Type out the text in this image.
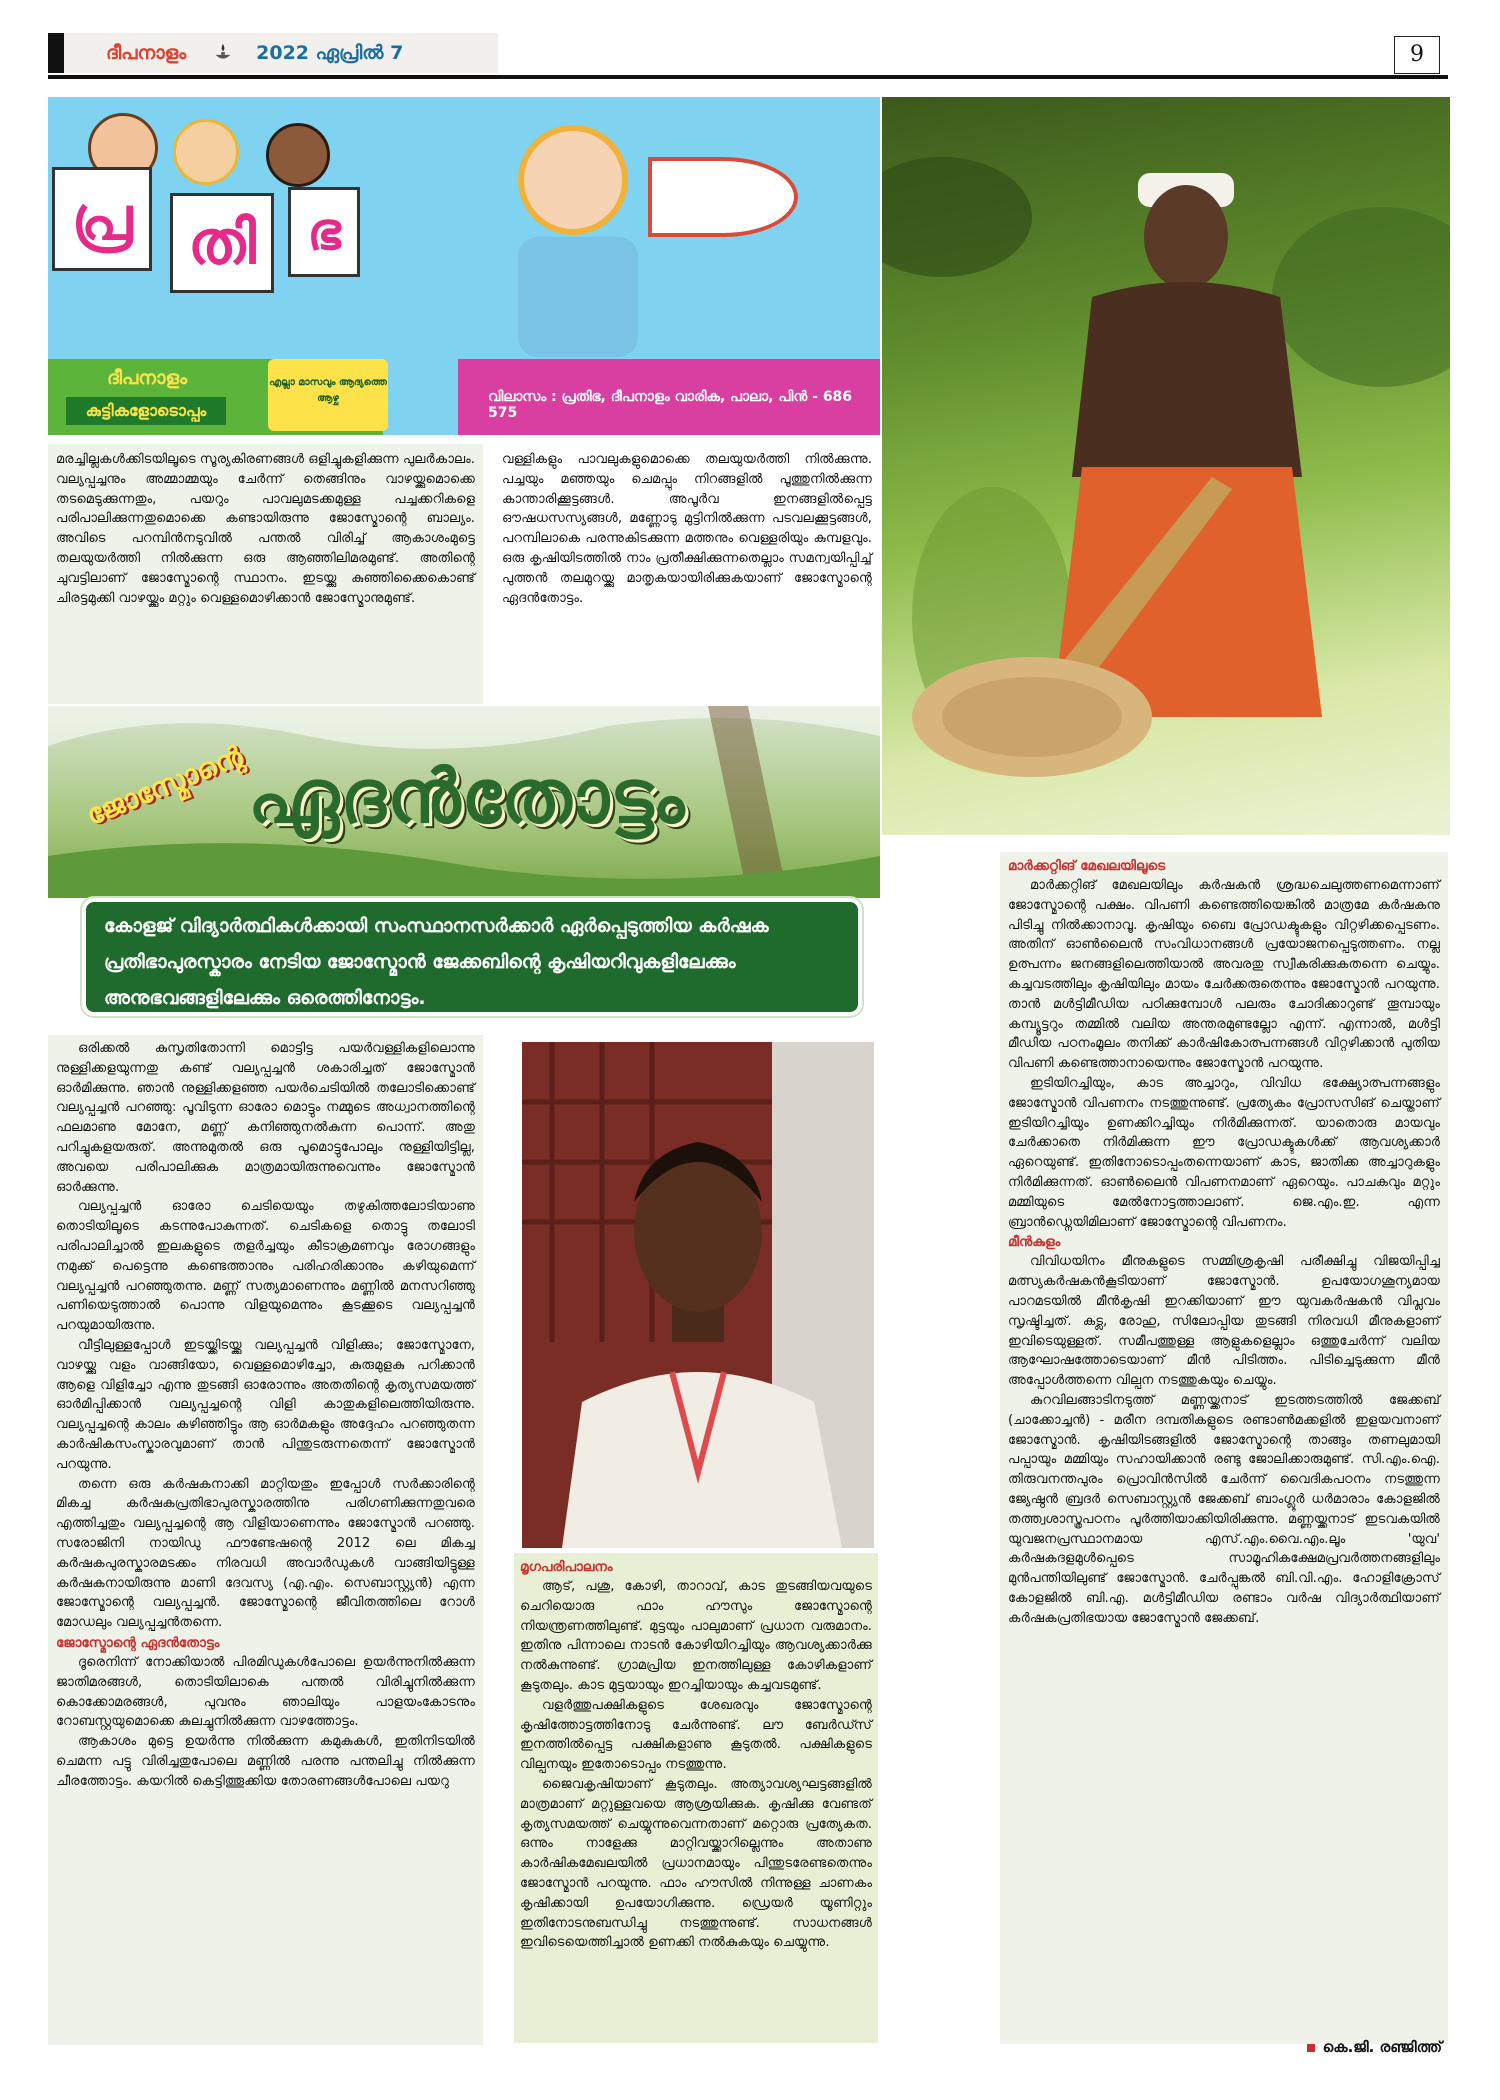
ദീപനാളം	2022 ഏപ്രിൽ 7	9
പ്ര തി ഭ
ദീപനാളം
കുട്ടികളോടൊപ്പം
എല്ലാ മാസവും ആദ്യത്തെ ആഴ്ച	വിലാസം : പ്രതിഭ, ദീപനാളം വാരിക, പാലാ, പിൻ - 686 575

മരച്ചില്ലകൾക്കിടയിലൂടെ സൂര്യകിരണങ്ങൾ ഒളിച്ചുകളിക്കുന്ന പുലർകാലം. വല്യപ്പച്ചനും അമ്മാമ്മയും ചേർന്ന് തെങ്ങിനും വാഴയ്ക്കുമൊക്കെ തടമെടുക്കുന്നതും, പയറും പാവലുമടക്കമുള്ള പച്ചക്കറികളെ പരിപാലിക്കുന്നതുമൊക്കെ കണ്ടായിരുന്നു ജോസ്മോന്റെ ബാല്യം. അവിടെ പറമ്പിൻനടുവിൽ പന്തൽ വിരിച്ച് ആകാശംമുട്ടെ തലയുയർത്തി നിൽക്കുന്ന ഒരു ആഞ്ഞിലിമരമുണ്ട്. അതിന്റെ ചുവട്ടിലാണ് ജോസ്മോന്റെ സ്ഥാനം. ഇടയ്ക്കു കുഞ്ഞിക്കൈകൊണ്ട് ചിരട്ടമുക്കി വാഴയ്ക്കും മറ്റും വെള്ളമൊഴിക്കാൻ ജോസ്മോനുമുണ്ട്.

വള്ളികളും പാവലുകളുമൊക്കെ തലയുയർത്തി നിൽക്കുന്നു. പച്ചയും മഞ്ഞയും ചെമപ്പും നിറങ്ങളിൽ പൂത്തുനിൽക്കുന്ന കാന്താരിക്കൂട്ടങ്ങൾ. അപൂർവ ഇനങ്ങളിൽപ്പെട്ട ഔഷധസസ്യങ്ങൾ, മണ്ണോടു മുട്ടിനിൽക്കുന്ന പടവലക്കൂട്ടങ്ങൾ, പറമ്പിലാകെ പരന്നുകിടക്കുന്ന മത്തനും വെള്ളരിയും കുമ്പളവും. ഒരു കൃഷിയിടത്തിൽ നാം പ്രതീക്ഷിക്കുന്നതെല്ലാം സമന്വയിപ്പിച്ച് പുത്തൻ തലമുറയ്ക്കു മാതൃകയായിരിക്കുകയാണ് ജോസ്മോന്റെ ഏദൻതോട്ടം.

ജോസ്മോന്റെ ഏദൻതോട്ടം
കോളജ് വിദ്യാർത്ഥികൾക്കായി സംസ്ഥാനസർക്കാർ ഏർപ്പെടുത്തിയ കർഷക
പ്രതിഭാപുരസ്കാരം നേടിയ ജോസ്മോൻ ജേക്കബിന്റെ കൃഷിയറിവുകളിലേക്കും
അനുഭവങ്ങളിലേക്കും ഒരെത്തിനോട്ടം.

ഒരിക്കൽ കുസൃതിതോന്നി മൊട്ടിട്ട പയർവള്ളികളിലൊന്നു നുള്ളിക്കളയുന്നതു കണ്ട് വല്യപ്പച്ചൻ ശകാരിച്ചത് ജോസ്മോൻ ഓർമിക്കുന്നു. ഞാൻ നുള്ളിക്കളഞ്ഞ പയർചെടിയിൽ തലോടിക്കൊണ്ട് വല്യപ്പച്ചൻ പറഞ്ഞു: പൂവിടുന്ന ഓരോ മൊട്ടും നമ്മുടെ അധ്വാനത്തിന്റെ ഫലമാണു മോനേ, മണ്ണ് കനിഞ്ഞുനൽകുന്ന പൊന്ന്. അതു പറിച്ചുകളയരുത്. അന്നുമുതൽ ഒരു പൂമൊട്ടുപോലും നുള്ളിയിട്ടില്ല, അവയെ പരിപാലിക്കുക മാത്രമായിരുന്നുവെന്നും ജോസ്മോൻ ഓർക്കുന്നു.

വല്യപ്പച്ചൻ ഓരോ ചെടിയെയും തഴുകിത്തലോടിയാണു തൊടിയിലൂടെ കടന്നുപോകുന്നത്. ചെടികളെ തൊട്ടു തലോടി പരിപാലിച്ചാൽ ഇലകളുടെ തളർച്ചയും കീടാക്രമണവും രോഗങ്ങളും നമുക്ക് പെട്ടെന്നു കണ്ടെത്താനും പരിഹരിക്കാനും കഴിയുമെന്ന് വല്യപ്പച്ചൻ പറഞ്ഞുതന്നു. മണ്ണ് സത്യമാണെന്നും മണ്ണിൽ മനസറിഞ്ഞു പണിയെടുത്താൽ പൊന്നു വിളയുമെന്നും കൂടക്കൂടെ വല്യപ്പച്ചൻ പറയുമായിരുന്നു.

വീട്ടിലുള്ളപ്പോൾ ഇടയ്ക്കിടയ്ക്കു വല്യപ്പച്ചൻ വിളിക്കും; ജോസ്മോനേ, വാഴയ്ക്കു വളം വാങ്ങിയോ, വെള്ളമൊഴിച്ചോ, കുരുമുളകു പറിക്കാൻ ആളെ വിളിച്ചോ എന്നു തുടങ്ങി ഓരോന്നും അതതിന്റെ കൃത്യസമയത്ത് ഓർമിപ്പിക്കാൻ വല്യപ്പച്ചന്റെ വിളി കാതുകളിലെത്തിയിരുന്നു. വല്യപ്പച്ചന്റെ കാലം കഴിഞ്ഞിട്ടും ആ ഓർമകളും അദ്ദേഹം പറഞ്ഞുതന്ന കാർഷികസംസ്കാരവുമാണ് താൻ പിന്തുടരുന്നതെന്ന് ജോസ്മോൻ പറയുന്നു.

തന്നെ ഒരു കർഷകനാക്കി മാറ്റിയതും ഇപ്പോൾ സർക്കാരിന്റെ മികച്ച കർഷകപ്രതിഭാപുരസ്കാരത്തിനു പരിഗണിക്കുന്നതുവരെ എത്തിച്ചതും വല്യപ്പച്ചന്റെ ആ വിളിയാണെന്നും ജോസ്മോൻ പറഞ്ഞു. സരോജിനി നായിഡു ഫൗണ്ടേഷന്റെ 2012 ലെ മികച്ച കർഷകപുരസ്കാരമടക്കം നിരവധി അവാർഡുകൾ വാങ്ങിയിട്ടുള്ള കർഷകനായിരുന്നു മാണി ദേവസ്യ (എ.എം. സെബാസ്റ്റ്യൻ) എന്ന ജോസ്മോന്റെ വല്യപ്പച്ചൻ. ജോസ്മോന്റെ ജീവിതത്തിലെ റോൾ മോഡലും വല്യപ്പച്ചൻതന്നെ.

ജോസ്മോന്റെ ഏദൻതോട്ടം

ദൂരെനിന്ന് നോക്കിയാൽ പിരമിഡുകൾപോലെ ഉയർന്നുനിൽക്കുന്ന ജാതിമരങ്ങൾ, തൊടിയിലാകെ പന്തൽ വിരിച്ചുനിൽക്കുന്ന കൊക്കോമരങ്ങൾ, പുവനും ഞാലിയും പാളയംകോടനും റോബസ്റ്റയുമൊക്കെ കുലച്ചുനിൽക്കുന്ന വാഴത്തോട്ടം.

ആകാശം മുട്ടെ ഉയർന്നു നിൽക്കുന്ന കമുകുകൾ, ഇതിനിടയിൽ ചെമന്ന പട്ടു വിരിച്ചതുപോലെ മണ്ണിൽ പരന്നു പന്തലിച്ചു നിൽക്കുന്ന ചീരത്തോട്ടം. കയറിൽ കെട്ടിത്തൂക്കിയ തോരണങ്ങൾപോലെ പയറു

മൃഗപരിപാലനം

ആട്, പശു, കോഴി, താറാവ്, കാട തുടങ്ങിയവയുടെ ചെറിയൊരു ഫാം ഹൗസും ജോസ്മോന്റെ നിയന്ത്രണത്തിലുണ്ട്. മുട്ടയും പാലുമാണ് പ്രധാന വരുമാനം. ഇതിനു പിന്നാലെ നാടൻ കോഴിയിറച്ചിയും ആവശ്യക്കാർക്കു നൽകുന്നുണ്ട്. ഗ്രാമപ്രിയ ഇനത്തിലുള്ള കോഴികളാണ് കൂടുതലും. കാട മുട്ടയായും ഇറച്ചിയായും കച്ചവടമുണ്ട്.

വളർത്തുപക്ഷികളുടെ ശേഖരവും ജോസ്മോന്റെ കൃഷിത്തോട്ടത്തിനോടു ചേർന്നുണ്ട്. ലൗ ബേർഡ്സ് ഇനത്തിൽപ്പെട്ട പക്ഷികളാണു കൂടുതൽ. പക്ഷികളുടെ വില്പനയും ഇതോടൊപ്പം നടത്തുന്നു.

ജൈവകൃഷിയാണ് കൂടുതലും. അത്യാവശ്യഘട്ടങ്ങളിൽ മാത്രമാണ് മറ്റുള്ളവയെ ആശ്രയിക്കുക. കൃഷിക്കു വേണ്ടത് കൃത്യസമയത്ത് ചെയ്യുന്നുവെന്നതാണ് മറ്റൊരു പ്രത്യേകത. ഒന്നും നാളേക്കു മാറ്റിവയ്ക്കാറില്ലെന്നും അതാണു കാർഷികമേഖലയിൽ പ്രധാനമായും പിന്തുടരേണ്ടതെന്നും ജോസ്മോൻ പറയുന്നു. ഫാം ഹൗസിൽ നിന്നുള്ള ചാണകം കൃഷിക്കായി ഉപയോഗിക്കുന്നു. ഡ്രെയർ യൂണിറ്റും ഇതിനോടനുബന്ധിച്ചു നടത്തുന്നുണ്ട്. സാധനങ്ങൾ ഇവിടെയെത്തിച്ചാൽ ഉണക്കി നൽകുകയും ചെയ്യുന്നു.

മാർക്കറ്റിങ് മേഖലയിലൂടെ

മാർക്കറ്റിങ് മേഖലയിലും കർഷകൻ ശ്രദ്ധചെലുത്തണമെന്നാണ് ജോസ്മോന്റെ പക്ഷം. വിപണി കണ്ടെത്തിയെങ്കിൽ മാത്രമേ കർഷകനു പിടിച്ചു നിൽക്കാനാവൂ. കൃഷിയും ബൈ പ്രോഡക്ടുകളും വിറ്റഴിക്കപ്പെടണം. അതിന് ഓൺലൈൻ സംവിധാനങ്ങൾ പ്രയോജനപ്പെടുത്തണം. നല്ല ഉത്പന്നം ജനങ്ങളിലെത്തിയാൽ അവരതു സ്വീകരിക്കുകതന്നെ ചെയ്യും. കച്ചവടത്തിലും കൃഷിയിലും മായം ചേർക്കരുതെന്നും ജോസ്മോൻ പറയുന്നു. താൻ മൾട്ടിമീഡിയ പഠിക്കുമ്പോൾ പലരും ചോദിക്കാറുണ്ട് തൂമ്പായും കമ്പ്യൂട്ടറും തമ്മിൽ വലിയ അന്തരമുണ്ടല്ലോ എന്ന്. എന്നാൽ, മൾട്ടി മീഡിയ പഠനംമൂലം തനിക്ക് കാർഷികോത്പന്നങ്ങൾ വിറ്റഴിക്കാൻ പുതിയ വിപണി കണ്ടെത്താനായെന്നും ജോസ്മോൻ പറയുന്നു.

ഇടിയിറച്ചിയും, കാട അച്ചാറും, വിവിധ ഭക്ഷ്യോത്പന്നങ്ങളും ജോസ്മോൻ വിപണനം നടത്തുന്നുണ്ട്. പ്രത്യേകം പ്രോസസിങ് ചെയ്താണ് ഇടിയിറച്ചിയും ഉണക്കിറച്ചിയും നിർമിക്കുന്നത്. യാതൊരു മായവും ചേർക്കാതെ നിർമിക്കുന്ന ഈ പ്രോഡക്ടുകൾക്ക് ആവശ്യക്കാർ ഏറെയുണ്ട്. ഇതിനോടൊപ്പംതന്നെയാണ് കാട, ജാതിക്ക അച്ചാറുകളും നിർമിക്കുന്നത്. ഓൺലൈൻ വിപണനമാണ് ഏറെയും. പാചകവും മറ്റും മമ്മിയുടെ മേൽനോട്ടത്താലാണ്. ജെ.എം.ഇ. എന്ന ബ്രാൻഡ്നെയിമിലാണ് ജോസ്മോന്റെ വിപണനം.

മീൻകുളം

വിവിധയിനം മീനുകളുടെ സമ്മിശ്രകൃഷി പരീക്ഷിച്ചു വിജയിപ്പിച്ച മത്സ്യകർഷകൻകൂടിയാണ് ജോസ്മോൻ. ഉപയോഗശൂന്യമായ പാറമടയിൽ മീൻകൃഷി ഇറക്കിയാണ് ഈ യുവകർഷകൻ വിപ്ലവം സൃഷ്ടിച്ചത്. കട്ല, രോഹു, സിലോപ്പിയ തുടങ്ങി നിരവധി മീനുകളാണ് ഇവിടെയുള്ളത്. സമീപത്തുള്ള ആളുകളെല്ലാം ഒത്തുചേർന്ന് വലിയ ആഘോഷത്തോടെയാണ് മീൻ പിടിത്തം. പിടിച്ചെടുക്കുന്ന മീൻ അപ്പോൾത്തന്നെ വില്പന നടത്തുകയും ചെയ്യും.

കുറവിലങ്ങാടിനടുത്ത് മണ്ണയ്ക്കനാട് ഇടത്തടത്തിൽ ജേക്കബ് (ചാക്കോച്ചൻ) - മരീന ദമ്പതികളുടെ രണ്ടാൺമക്കളിൽ ഇളയവനാണ് ജോസ്മോൻ. കൃഷിയിടങ്ങളിൽ ജോസ്മോന്റെ താങ്ങും തണലുമായി പപ്പായും മമ്മിയും സഹായിക്കാൻ രണ്ടു ജോലിക്കാരുമുണ്ട്. സി.എം.ഐ. തിരുവനന്തപുരം പ്രൊവിൻസിൽ ചേർന്ന് വൈദികപഠനം നടത്തുന്ന ജ്യേഷ്ഠൻ ബ്രദർ സെബാസ്റ്റ്യൻ ജേക്കബ് ബാംഗ്ലൂർ ധർമാരാം കോളജിൽ തത്ത്വശാസ്ത്രപഠനം പൂർത്തിയാക്കിയിരിക്കുന്നു. മണ്ണയ്ക്കനാട് ഇടവകയിൽ യുവജനപ്രസ്ഥാനമായ എസ്.എം.വൈ.എം.ലൂം 'യുവ' കർഷകദളമുൾപ്പെടെ സാമൂഹികക്ഷേമപ്രവർത്തനങ്ങളിലും മുൻപന്തിയിലുണ്ട് ജോസ്മോൻ. ചേർപ്പുങ്കൽ ബി.വി.എം. ഹോളിക്രോസ് കോളജിൽ ബി.എ. മൾട്ടിമീഡിയ രണ്ടാം വർഷ വിദ്യാർത്ഥിയാണ് കർഷകപ്രതിഭയായ ജോസ്മോൻ ജേക്കബ്.

കെ.ജി. രഞ്ജിത്ത്
